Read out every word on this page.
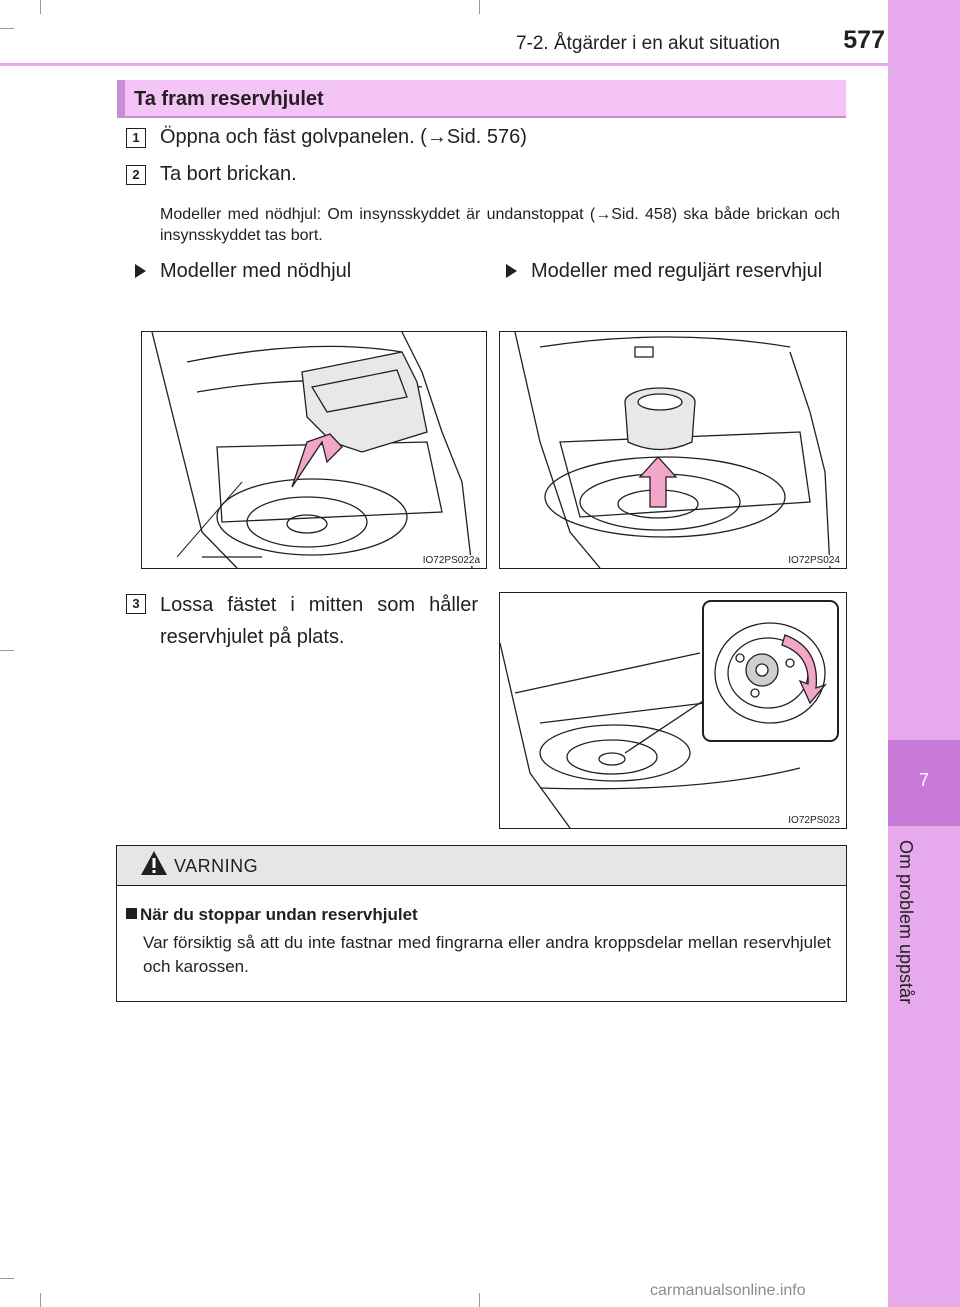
7
Om problem uppstår
7-2. Åtgärder i en akut situation	577
Ta fram reservhjulet
1	Öppna och fäst golvpanelen. (→Sid. 576)
2	Ta bort brickan.
Modeller med nödhjul: Om insynsskyddet är undanstoppat (→Sid. 458) ska både brickan och insynsskyddet tas bort.
Modeller med nödhjul	Modeller med reguljärt reservhjul
IO72PS022a	IO72PS024
3	Lossa fästet i mitten som håller reservhjulet på plats.
IO72PS023
VARNING
När du stoppar undan reservhjulet
Var försiktig så att du inte fastnar med fingrarna eller andra kroppsdelar mellan reservhjulet och karossen.
carmanualsonline.info
